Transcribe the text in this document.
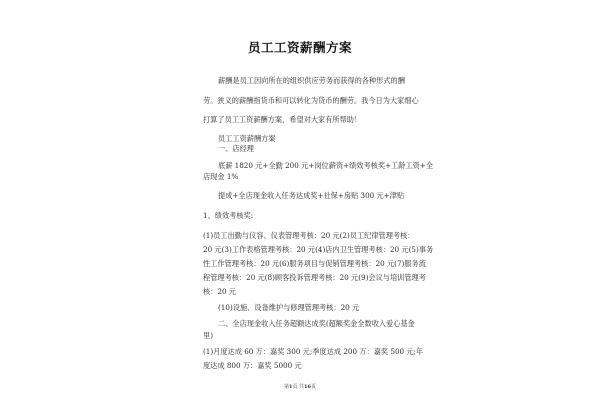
员工工资薪酬方案
薪酬是员工因向所在的组织供应劳务而获得的各种形式的酬
劳。狭义的薪酬指货币和可以转化为货币的酬劳。我今日为大家细心
打算了员工工资薪酬方案，希望对大家有所帮助！
员工工资薪酬方案
一、店经理
底薪 1820 元+全勤 200 元+岗位薪资+绩效考核奖+工龄工资+全
店现金 1%
提成+全店现金收入任务达成奖+社保+房贴 300 元+津贴
1、绩效考核奖:
(1)员工出勤与仪容、仪表管理考核：20 元(2)员工纪律管理考核：
20 元(3)工作表格管理考核：20 元(4)店内卫生管理考核：20 元(5)事务
性工作管理考核：20 元(6)服务项目与促销管理考核：20 元(7)服务流
程管理考核：20 元(8)顾客投诉管理考核：20 元(9)会议与培训管理考
核：20 元
(10)设施、设备维护与修理管理考核：20 元
二、全店现金收入任务超额达成奖(超额奖金全数收入爱心基金
里)
(1)月度达成 60 万：嘉奖 300 元;季度达成 200 万：嘉奖 500 元;年
度达成 800 万：嘉奖 5000 元
第1页 共16页
